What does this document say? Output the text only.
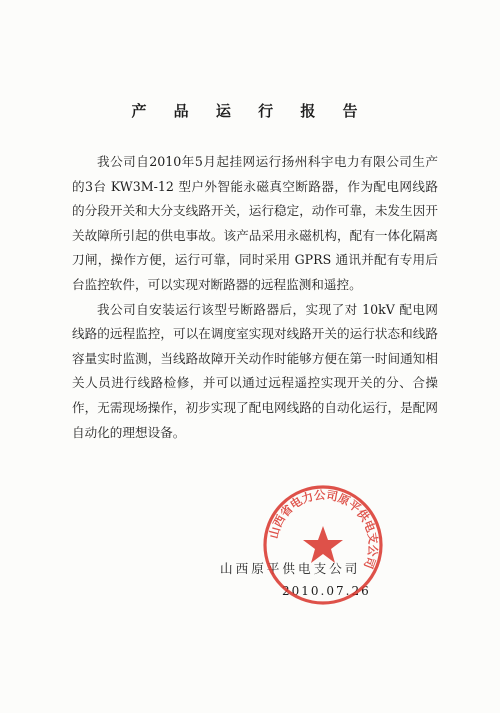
产 品 运 行 报 告

我公司自2010年5月起挂网运行扬州科宇电力有限公司生产的3台 KW3M-12 型户外智能永磁真空断路器，作为配电网线路的分段开关和大分支线路开关，运行稳定，动作可靠，未发生因开关故障所引起的供电事故。该产品采用永磁机构，配有一体化隔离刀闸，操作方便，运行可靠，同时采用 GPRS 通讯并配有专用后台监控软件，可以实现对断路器的远程监测和遥控。

我公司自安装运行该型号断路器后，实现了对 10kV 配电网线路的远程监控，可以在调度室实现对线路开关的运行状态和线路容量实时监测，当线路故障开关动作时能够方便在第一时间通知相关人员进行线路检修，并可以通过远程遥控实现开关的分、合操作，无需现场操作，初步实现了配电网线路的自动化运行，是配网自动化的理想设备。

山西原平供电支公司
2010.07.26
山西省电力公司原平供电支公司
